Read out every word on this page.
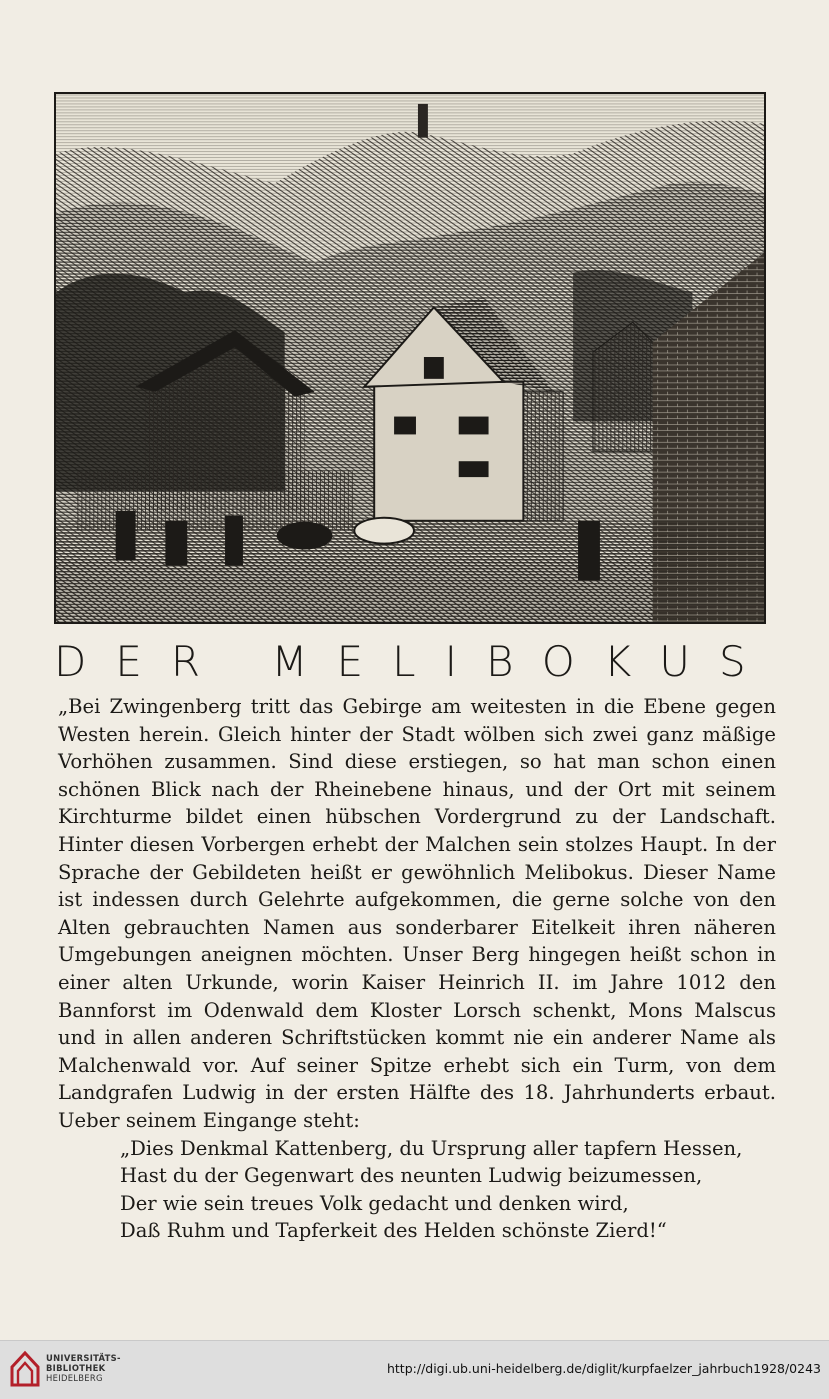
DER MELIBOKUS

„Bei Zwingenberg tritt das Gebirge am weitesten in die Ebene gegen Westen herein. Gleich hinter der Stadt wölben sich zwei ganz mäßige Vorhöhen zusammen. Sind diese erstiegen, so hat man schon einen schönen Blick nach der Rheinebene hinaus, und der Ort mit seinem Kirchturme bildet einen hübschen Vordergrund zu der Landschaft. Hinter diesen Vorbergen erhebt der Malchen sein stolzes Haupt. In der Sprache der Gebildeten heißt er gewöhnlich Melibokus. Dieser Name ist indessen durch Gelehrte aufgekommen, die gerne solche von den Alten gebrauchten Namen aus sonderbarer Eitelkeit ihren näheren Umgebungen aneignen möchten. Unser Berg hingegen heißt schon in einer alten Urkunde, worin Kaiser Heinrich II. im Jahre 1012 den Bannforst im Odenwald dem Kloster Lorsch schenkt, Mons Malscus und in allen anderen Schriftstücken kommt nie ein anderer Name als Malchenwald vor. Auf seiner Spitze erhebt sich ein Turm, von dem Landgrafen Ludwig in der ersten Hälfte des 18. Jahrhunderts erbaut. Ueber seinem Eingange steht:

„Dies Denkmal Kattenberg, du Ursprung aller tapfern Hessen,
Hast du der Gegenwart des neunten Ludwig beizumessen,
Der wie sein treues Volk gedacht und denken wird,
Daß Ruhm und Tapferkeit des Helden schönste Zierd!“
UNIVERSITÄTS-
BIBLIOTHEK
HEIDELBERG
http://digi.ub.uni-heidelberg.de/diglit/kurpfaelzer_jahrbuch1928/0243
